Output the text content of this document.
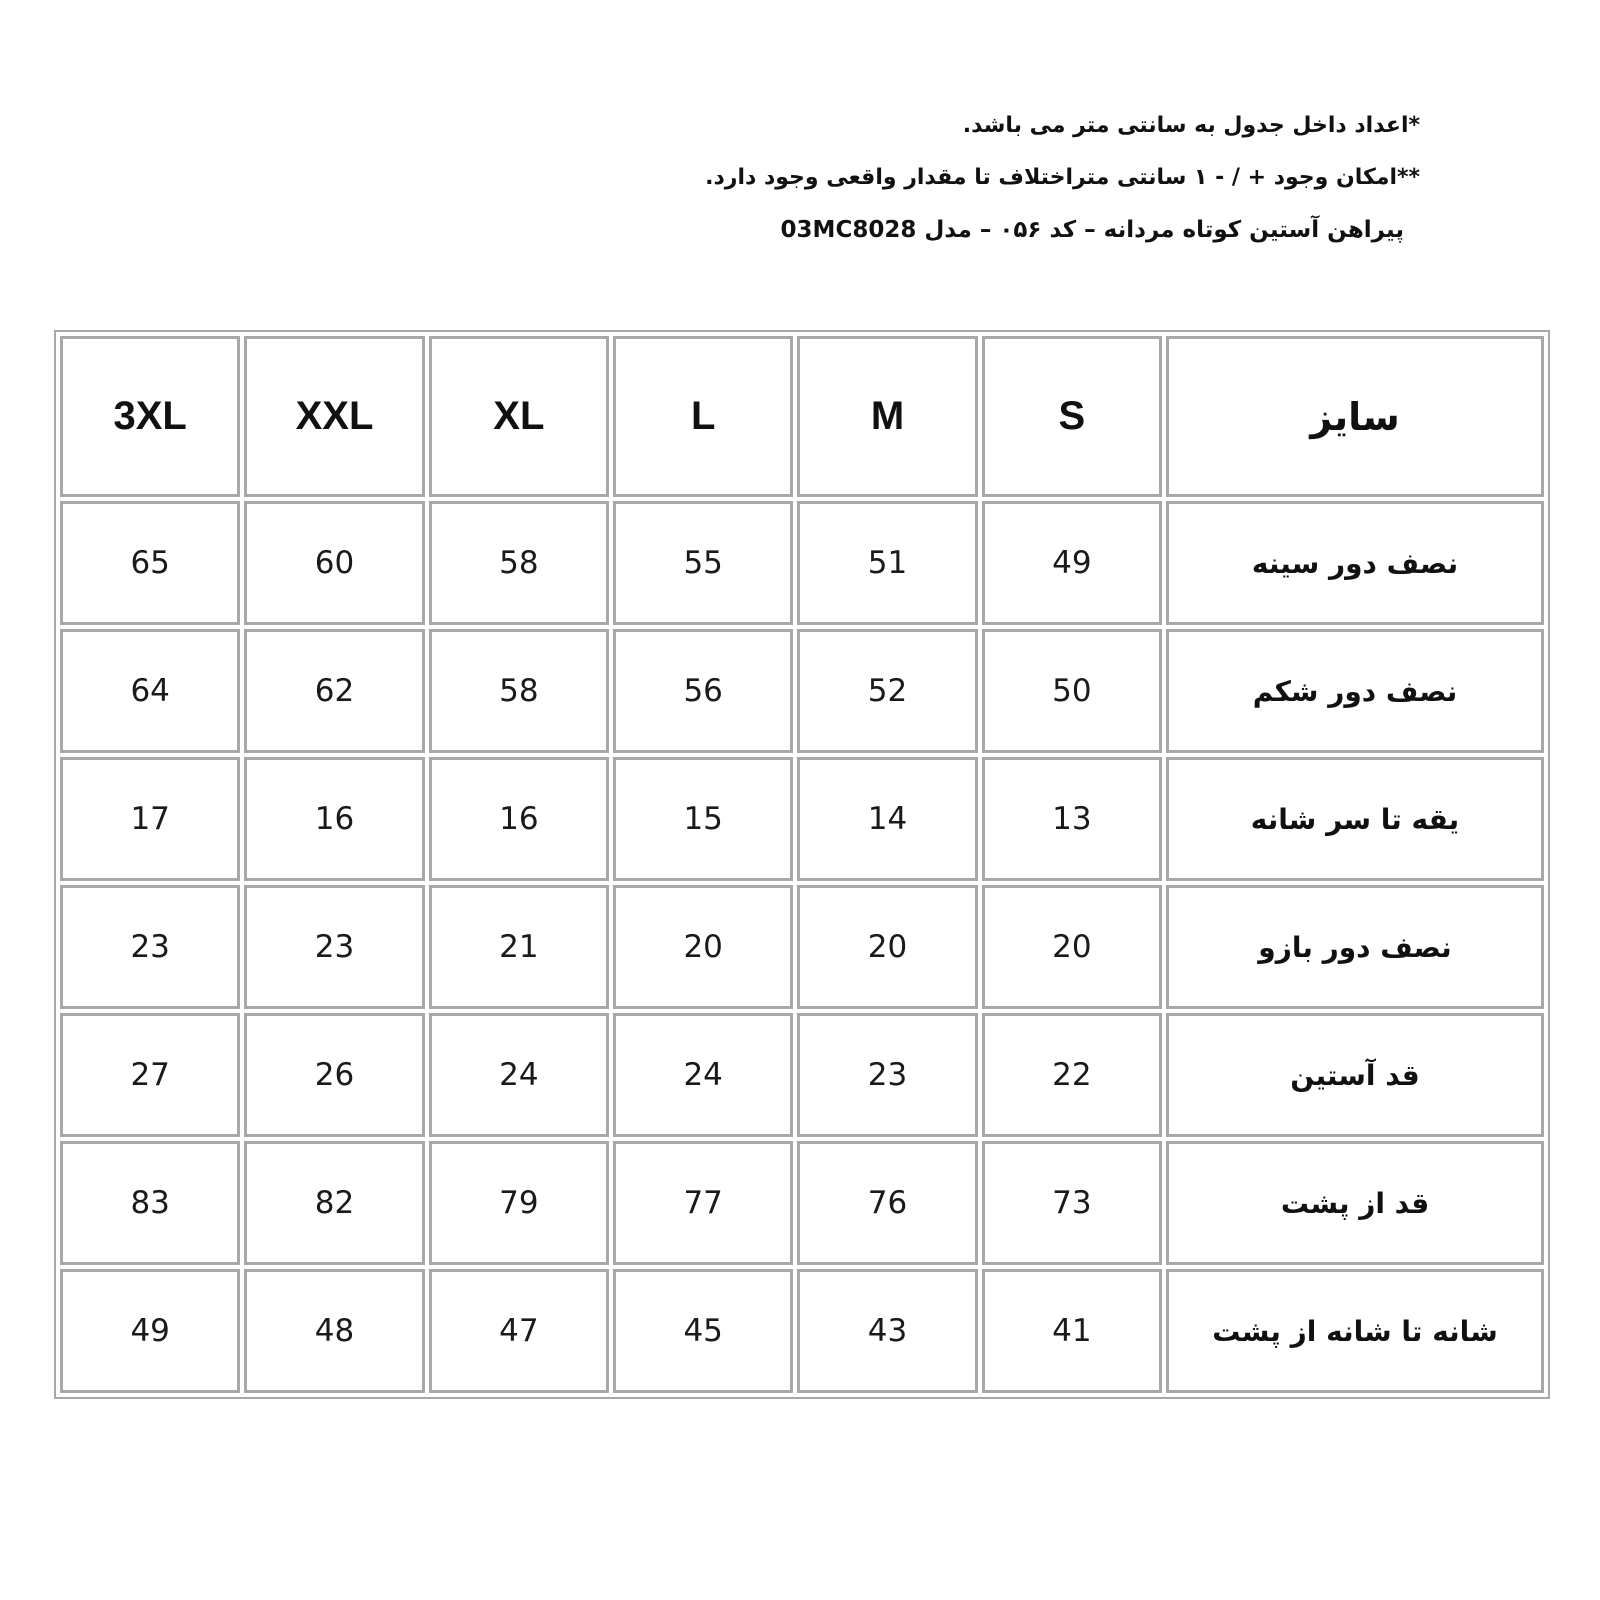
*اعداد داخل جدول به سانتی متر می باشد.
**امکان وجود + / - ۱ سانتی متراختلاف تا مقدار واقعی وجود دارد.
پیراهن آستین کوتاه مردانه – کد ۰۵۶ – مدل 03MC8028
سایز	S	M	L	XL	XXL	3XL
نصف دور سینه	49	51	55	58	60	65
نصف دور شکم	50	52	56	58	62	64
یقه تا سر شانه	13	14	15	16	16	17
نصف دور بازو	20	20	20	21	23	23
قد آستین	22	23	24	24	26	27
قد از پشت	73	76	77	79	82	83
شانه تا شانه از پشت	41	43	45	47	48	49
